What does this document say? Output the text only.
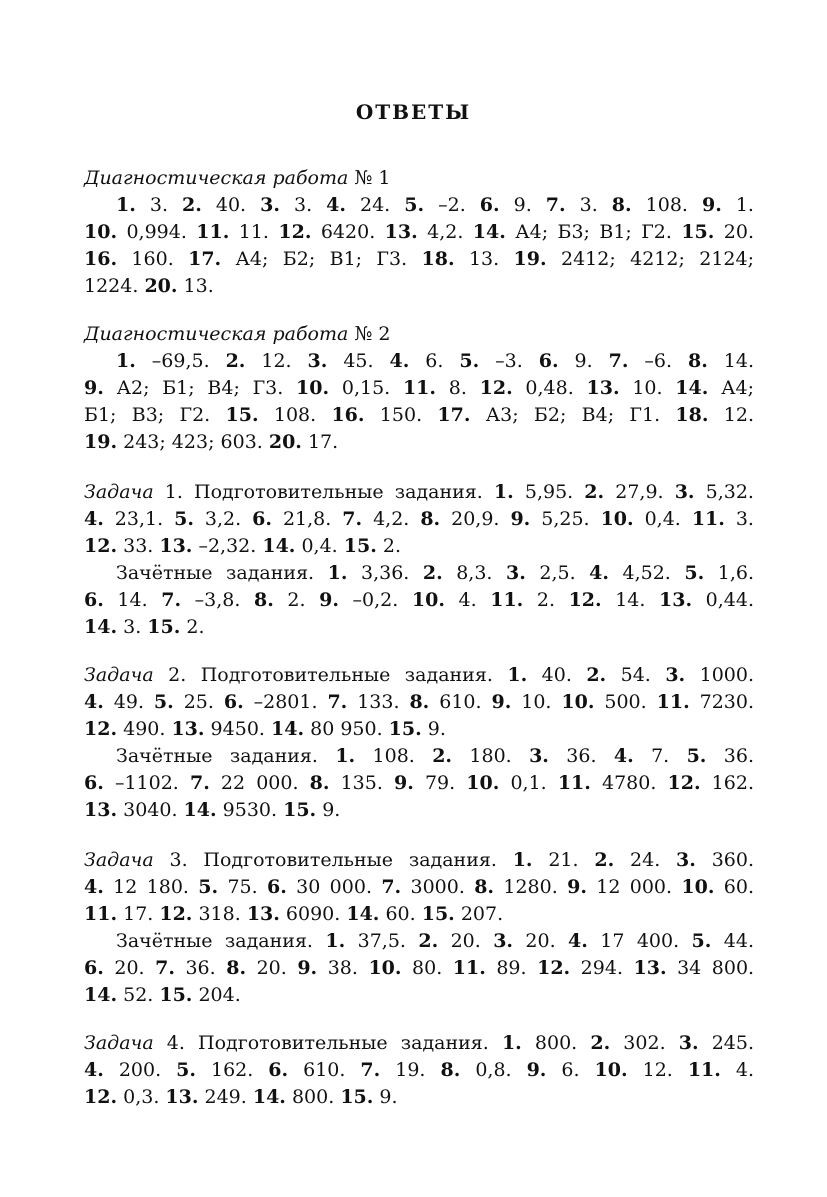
ОТВЕТЫ
Диагностическая работа № 1
1. 3. 2. 40. 3. 3. 4. 24. 5. –2. 6. 9. 7. 3. 8. 108. 9. 1.
10. 0,994. 11. 11. 12. 6420. 13. 4,2. 14. А4; Б3; В1; Г2. 15. 20.
16. 160. 17. А4; Б2; В1; Г3. 18. 13. 19. 2412; 4212; 2124;
1224. 20. 13.
Диагностическая работа № 2
1. –69,5. 2. 12. 3. 45. 4. 6. 5. –3. 6. 9. 7. –6. 8. 14.
9. А2; Б1; В4; Г3. 10. 0,15. 11. 8. 12. 0,48. 13. 10. 14. А4;
Б1; В3; Г2. 15. 108. 16. 150. 17. А3; Б2; В4; Г1. 18. 12.
19. 243; 423; 603. 20. 17.
Задача 1. Подготовительные задания. 1. 5,95. 2. 27,9. 3. 5,32.
4. 23,1. 5. 3,2. 6. 21,8. 7. 4,2. 8. 20,9. 9. 5,25. 10. 0,4. 11. 3.
12. 33. 13. –2,32. 14. 0,4. 15. 2.
Зачётные задания. 1. 3,36. 2. 8,3. 3. 2,5. 4. 4,52. 5. 1,6.
6. 14. 7. –3,8. 8. 2. 9. –0,2. 10. 4. 11. 2. 12. 14. 13. 0,44.
14. 3. 15. 2.
Задача 2. Подготовительные задания. 1. 40. 2. 54. 3. 1000.
4. 49. 5. 25. 6. –2801. 7. 133. 8. 610. 9. 10. 10. 500. 11. 7230.
12. 490. 13. 9450. 14. 80 950. 15. 9.
Зачётные задания. 1. 108. 2. 180. 3. 36. 4. 7. 5. 36.
6. –1102. 7. 22 000. 8. 135. 9. 79. 10. 0,1. 11. 4780. 12. 162.
13. 3040. 14. 9530. 15. 9.
Задача 3. Подготовительные задания. 1. 21. 2. 24. 3. 360.
4. 12 180. 5. 75. 6. 30 000. 7. 3000. 8. 1280. 9. 12 000. 10. 60.
11. 17. 12. 318. 13. 6090. 14. 60. 15. 207.
Зачётные задания. 1. 37,5. 2. 20. 3. 20. 4. 17 400. 5. 44.
6. 20. 7. 36. 8. 20. 9. 38. 10. 80. 11. 89. 12. 294. 13. 34 800.
14. 52. 15. 204.
Задача 4. Подготовительные задания. 1. 800. 2. 302. 3. 245.
4. 200. 5. 162. 6. 610. 7. 19. 8. 0,8. 9. 6. 10. 12. 11. 4.
12. 0,3. 13. 249. 14. 800. 15. 9.
